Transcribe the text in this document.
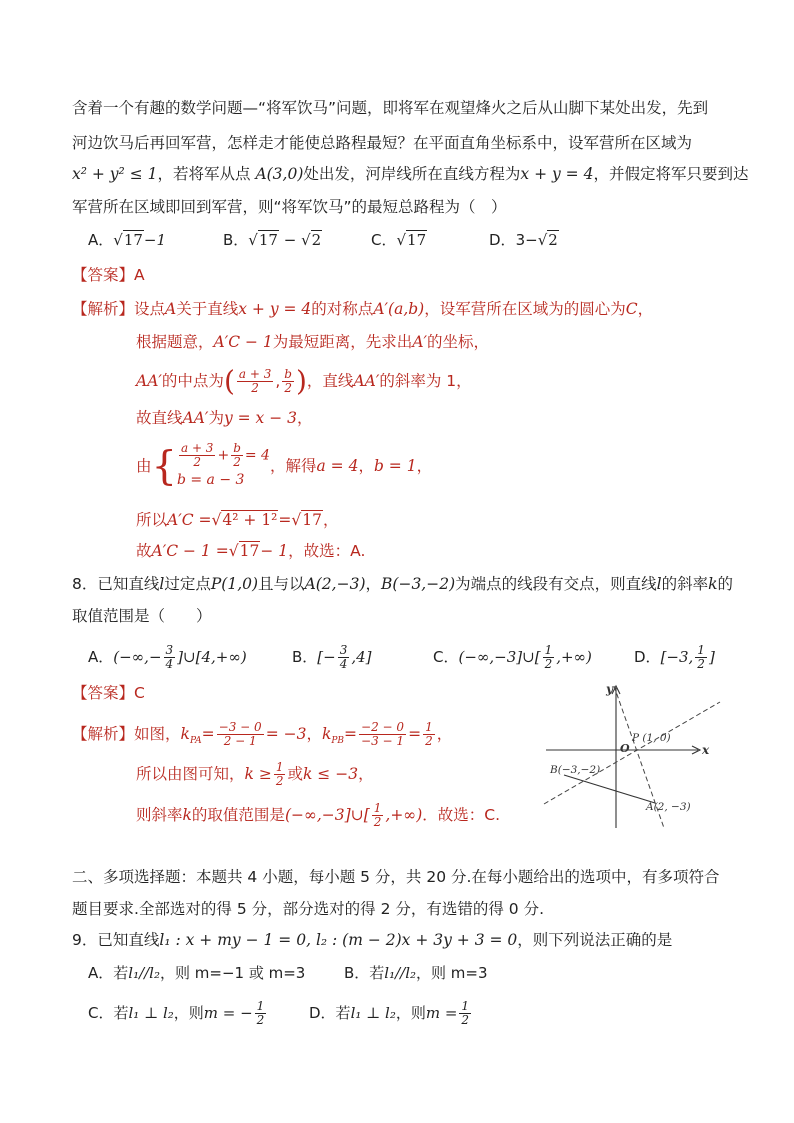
含着一个有趣的数学问题—“将军饮马”问题，即将军在观望烽火之后从山脚下某处出发，先到
河边饮马后再回军营，怎样走才能使总路程最短？在平面直角坐标系中，设军营所在区域为
x² + y² ≤ 1，若将军从点 A(3,0)处出发，河岸线所在直线方程为x + y = 4，并假定将军只要到达
军营所在区域即回到军营，则“将军饮马”的最短总路程为（　）
A．√17−1	B．√17 − √2	C．√17	D．3−√2
【答案】A
【解析】设点A关于直线x + y = 4的对称点A′(a,b)，设军营所在区域为的圆心为C，
根据题意，A′C − 1为最短距离，先求出A′的坐标，
AA′的中点为( $\frac{a + 3}{2}$ , $\frac{b}{2}$ )，直线AA′的斜率为 1，
故直线AA′为y = x − 3，
由{ $\frac{a + 3}{2} + \frac{b}{2} = 4$
b = a − 3
，解得a = 4，b = 1，
所以A′C =√4² + 1²=√17，
故A′C − 1 =√17− 1，故选：A.
8．已知直线l过定点P(1,0)且与以A(2,−3)，B(−3,−2)为端点的线段有交点，则直线l的斜率k的
取值范围是（　　）
A．(−∞,− $\frac{3}{4}$ ]∪[4,+∞)	B．[− $\frac{3}{4} ,4$]	C．(−∞,−3]∪[ $\frac{1}{2}$ ,+∞)	D．[−3, $\frac{1}{2}$ ]
【答案】C
【解析】如图，$k_{PA}= \frac{-3 - 0}{2 - 1} = -3$，$k_{PB}= \frac{-2 - 0}{-3 - 1} = \frac{1}{2}$ ，
所以由图可知，$k \ge \frac{1}{2}$ 或k ≤ −3，
则斜率k的取值范围是(−∞,−3]∪[ $\frac{1}{2}$ ,+∞)．故选：C.
y
x
O
P (1, 0)
B(−3,−2)
A(2, −3)
二、多项选择题：本题共 4 小题，每小题 5 分，共 20 分.在每小题给出的选项中，有多项符合
题目要求.全部选对的得 5 分，部分选对的得 2 分，有选错的得 0 分.
9．已知直线l₁ : x + my − 1 = 0, l₂ : (m − 2)x + 3y + 3 = 0，则下列说法正确的是
A．若l₁//l₂，则 m=−1 或 m=3	B．若l₁//l₂，则 m=3
C．若l₁ ⊥ l₂，则m = − $\frac{1}{2}$	D．若l₁ ⊥ l₂，则$m = \frac{1}{2}$
